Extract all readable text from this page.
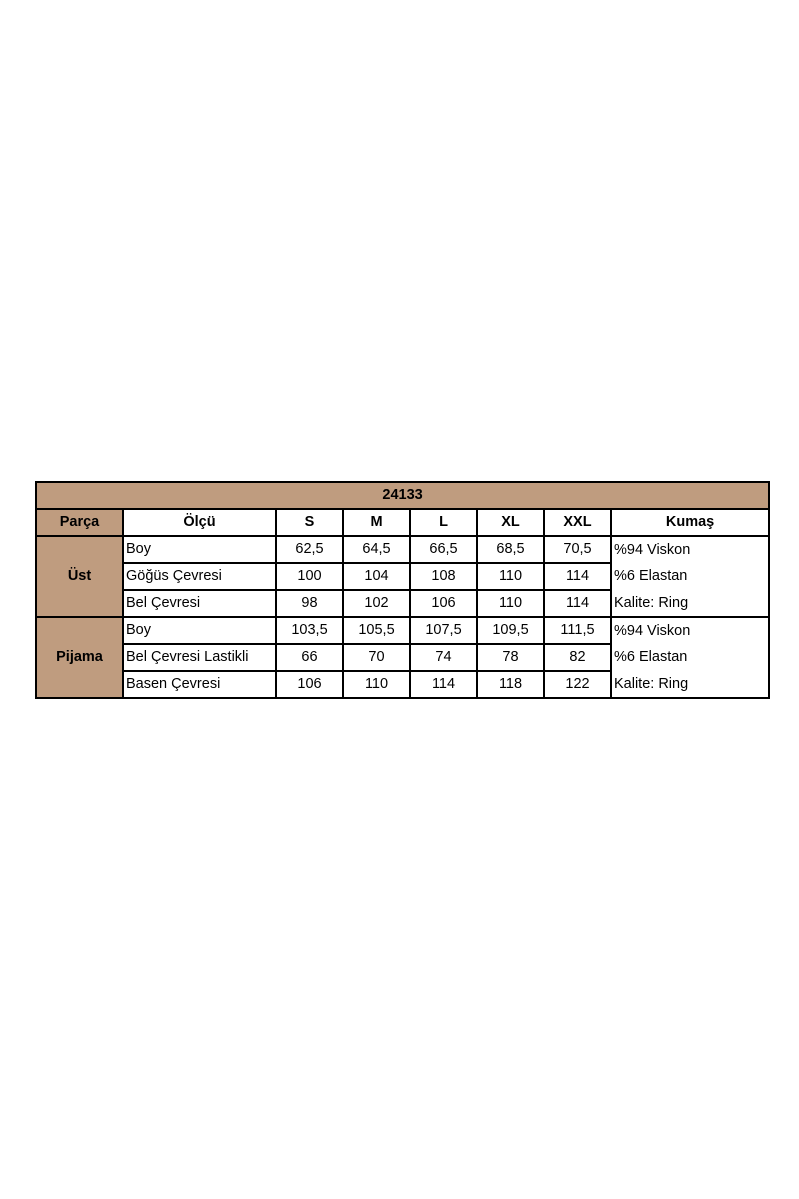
24133							
Parça	Ölçü	S	M	L	XL	XXL	Kumaş
Üst	Boy	62,5	64,5	66,5	68,5	70,5	%94 Viskon
	Göğüs Çevresi	100	104	108	110	114	%6 Elastan
	Bel Çevresi	98	102	106	110	114	Kalite: Ring
Pijama	Boy	103,5	105,5	107,5	109,5	111,5	%94 Viskon
	Bel Çevresi Lastikli	66	70	74	78	82	%6 Elastan
	Basen Çevresi	106	110	114	118	122	Kalite: Ring
